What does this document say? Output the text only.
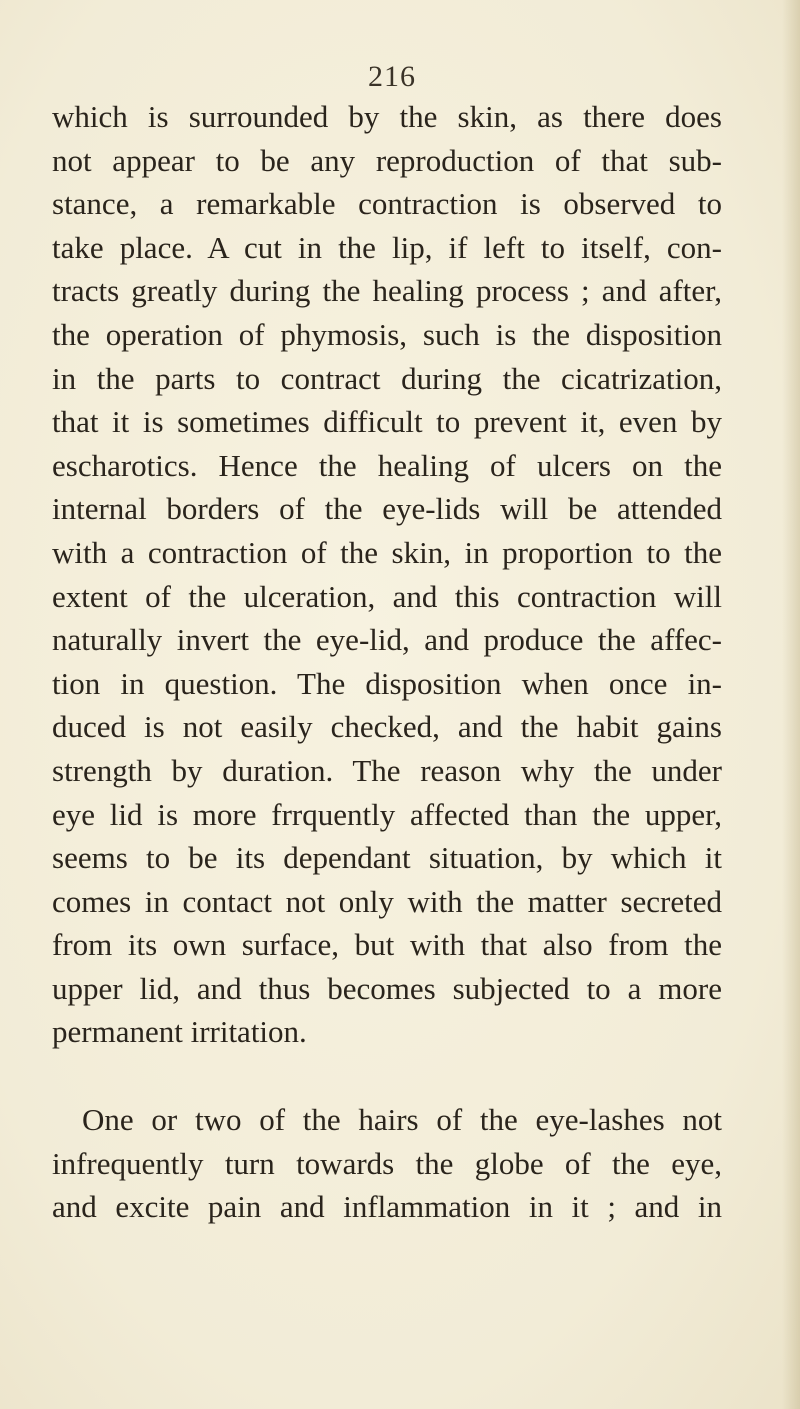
216
which is surrounded by the skin, as there does
not appear to be any reproduction of that sub-
stance, a remarkable contraction is observed to
take place. A cut in the lip, if left to itself, con-
tracts greatly during the healing process ; and after,
the operation of phymosis, such is the disposition
in the parts to contract during the cicatrization,
that it is sometimes difficult to prevent it, even by
escharotics. Hence the healing of ulcers on the
internal borders of the eye-lids will be attended
with a contraction of the skin, in proportion to the
extent of the ulceration, and this contraction will
naturally invert the eye-lid, and produce the affec-
tion in question. The disposition when once in-
duced is not easily checked, and the habit gains
strength by duration. The reason why the under
eye lid is more frrquently affected than the upper,
seems to be its dependant situation, by which it
comes in contact not only with the matter secreted
from its own surface, but with that also from the
upper lid, and thus becomes subjected to a more
permanent irritation.
One or two of the hairs of the eye-lashes not
infrequently turn towards the globe of the eye,
and excite pain and inflammation in it ; and in
